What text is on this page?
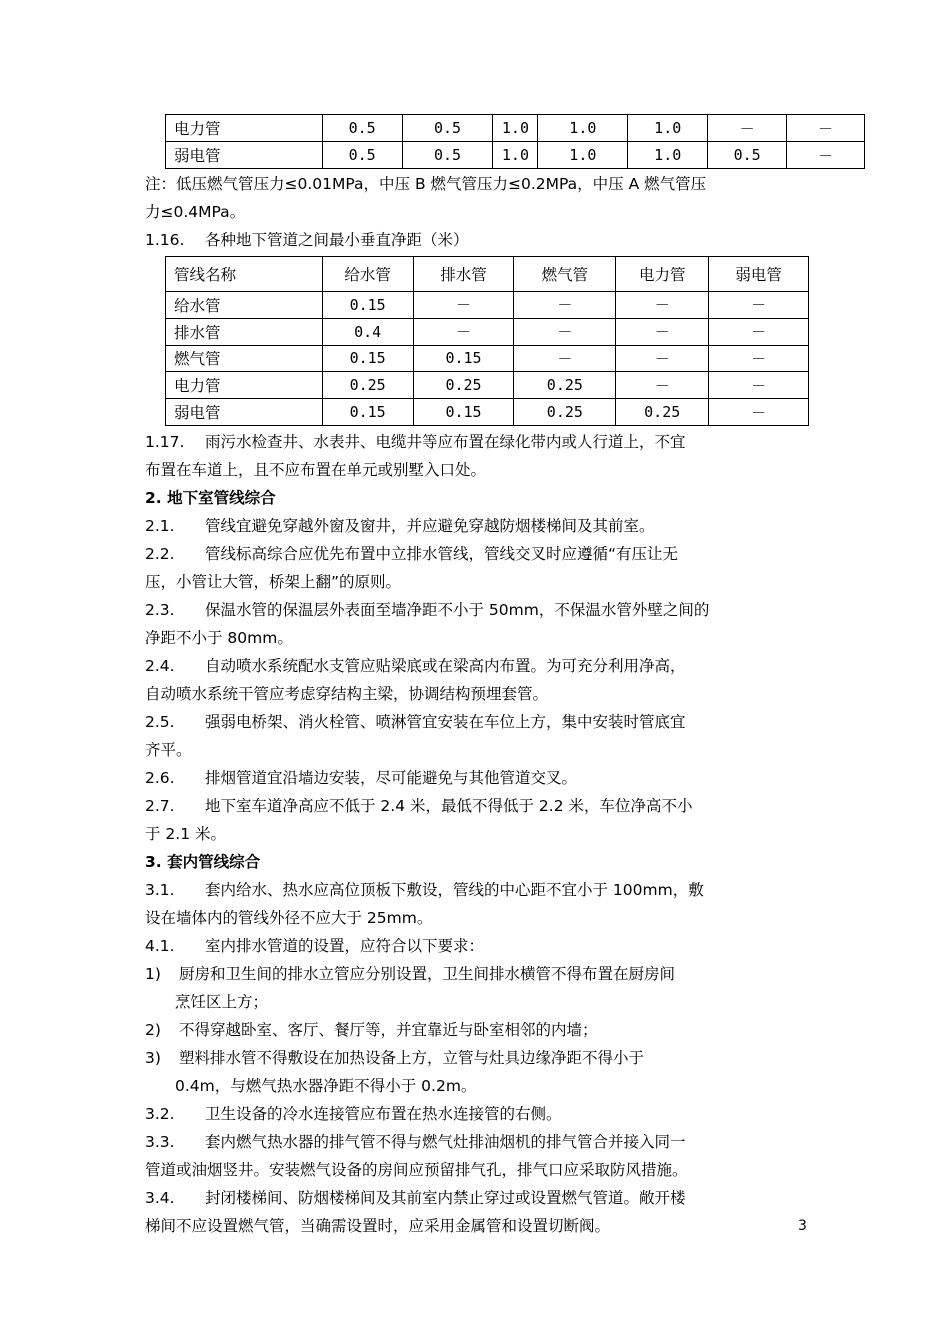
电力管	0.5	0.5	1.0	1.0	1.0	－	－
弱电管	0.5	0.5	1.0	1.0	1.0	0.5	－
注：低压燃气管压力≤0.01MPa，中压 B 燃气管压力≤0.2MPa，中压 A 燃气管压
力≤0.4MPa。
1.16. 各种地下管道之间最小垂直净距（米）
管线名称	给水管	排水管	燃气管	电力管	弱电管
给水管	0.15	－	－	－	－
排水管	0.4	－	－	－	－
燃气管	0.15	0.15	－	－	－
电力管	0.25	0.25	0.25	－	－
弱电管	0.15	0.15	0.25	0.25	－
1.17. 雨污水检查井、水表井、电缆井等应布置在绿化带内或人行道上，不宜
布置在车道上，且不应布置在单元或别墅入口处。
2. 地下室管线综合
2.1. 管线宜避免穿越外窗及窗井，并应避免穿越防烟楼梯间及其前室。
2.2. 管线标高综合应优先布置中立排水管线，管线交叉时应遵循“有压让无
压，小管让大管，桥架上翻”的原则。
2.3. 保温水管的保温层外表面至墙净距不小于 50mm，不保温水管外壁之间的
净距不小于 80mm。
2.4. 自动喷水系统配水支管应贴梁底或在梁高内布置。为可充分利用净高，
自动喷水系统干管应考虑穿结构主梁，协调结构预埋套管。
2.5. 强弱电桥架、消火栓管、喷淋管宜安装在车位上方，集中安装时管底宜
齐平。
2.6. 排烟管道宜沿墙边安装，尽可能避免与其他管道交叉。
2.7. 地下室车道净高应不低于 2.4 米，最低不得低于 2.2 米，车位净高不小
于 2.1 米。
3. 套内管线综合
3.1. 套内给水、热水应高位顶板下敷设，管线的中心距不宜小于 100mm，敷
设在墙体内的管线外径不应大于 25mm。
4.1. 室内排水管道的设置，应符合以下要求：
1) 厨房和卫生间的排水立管应分别设置，卫生间排水横管不得布置在厨房间
烹饪区上方；
2) 不得穿越卧室、客厅、餐厅等，并宜靠近与卧室相邻的内墙；
3) 塑料排水管不得敷设在加热设备上方，立管与灶具边缘净距不得小于
0.4m，与燃气热水器净距不得小于 0.2m。
3.2. 卫生设备的冷水连接管应布置在热水连接管的右侧。
3.3. 套内燃气热水器的排气管不得与燃气灶排油烟机的排气管合并接入同一
管道或油烟竖井。安装燃气设备的房间应预留排气孔，排气口应采取防风措施。
3.4. 封闭楼梯间、防烟楼梯间及其前室内禁止穿过或设置燃气管道。敞开楼
梯间不应设置燃气管，当确需设置时，应采用金属管和设置切断阀。	3
